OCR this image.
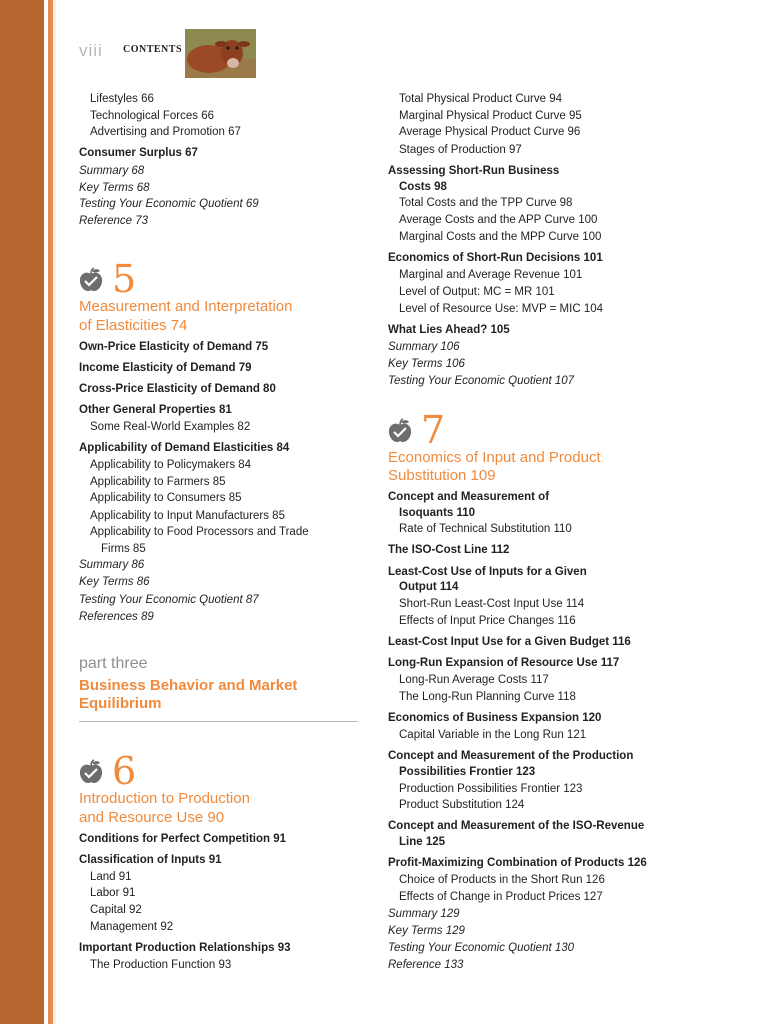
viii CONTENTS
Lifestyles 66
Technological Forces 66
Advertising and Promotion 67
Consumer Surplus 67
Summary 68
Key Terms 68
Testing Your Economic Quotient 69
Reference 73
5
Measurement and Interpretation
of Elasticities 74
Own-Price Elasticity of Demand 75
Income Elasticity of Demand 79
Cross-Price Elasticity of Demand 80
Other General Properties 81
Some Real-World Examples 82
Applicability of Demand Elasticities 84
Applicability to Policymakers 84
Applicability to Farmers 85
Applicability to Consumers 85
Applicability to Input Manufacturers 85
Applicability to Food Processors and Trade
Firms 85
Summary 86
Key Terms 86
Testing Your Economic Quotient 87
References 89
part three
Business Behavior and Market
Equilibrium
6
Introduction to Production
and Resource Use 90
Conditions for Perfect Competition 91
Classification of Inputs 91
Land 91
Labor 91
Capital 92
Management 92
Important Production Relationships 93
The Production Function 93
Total Physical Product Curve 94
Marginal Physical Product Curve 95
Average Physical Product Curve 96
Stages of Production 97
Assessing Short-Run Business
Costs 98
Total Costs and the TPP Curve 98
Average Costs and the APP Curve 100
Marginal Costs and the MPP Curve 100
Economics of Short-Run Decisions 101
Marginal and Average Revenue 101
Level of Output: MC = MR 101
Level of Resource Use: MVP = MIC 104
What Lies Ahead? 105
Summary 106
Key Terms 106
Testing Your Economic Quotient 107
7
Economics of Input and Product
Substitution 109
Concept and Measurement of
Isoquants 110
Rate of Technical Substitution 110
The ISO-Cost Line 112
Least-Cost Use of Inputs for a Given
Output 114
Short-Run Least-Cost Input Use 114
Effects of Input Price Changes 116
Least-Cost Input Use for a Given Budget 116
Long-Run Expansion of Resource Use 117
Long-Run Average Costs 117
The Long-Run Planning Curve 118
Economics of Business Expansion 120
Capital Variable in the Long Run 121
Concept and Measurement of the Production
Possibilities Frontier 123
Production Possibilities Frontier 123
Product Substitution 124
Concept and Measurement of the ISO-Revenue
Line 125
Profit-Maximizing Combination of Products 126
Choice of Products in the Short Run 126
Effects of Change in Product Prices 127
Summary 129
Key Terms 129
Testing Your Economic Quotient 130
Reference 133
